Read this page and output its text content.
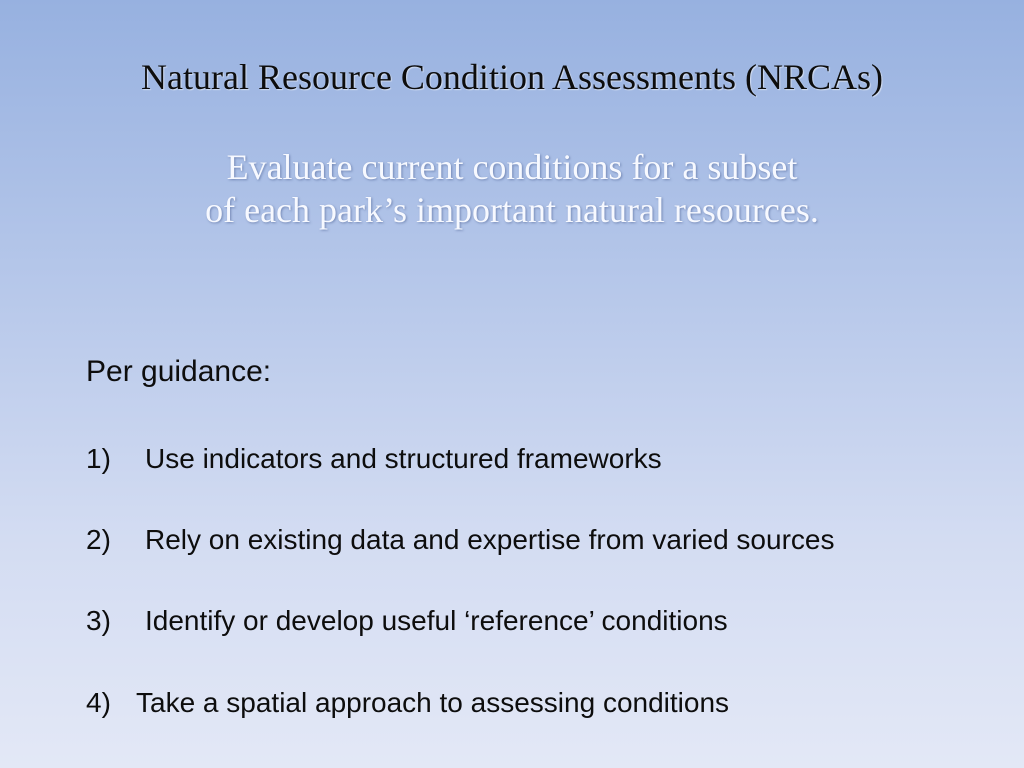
Natural Resource Condition Assessments (NRCAs)
Evaluate current conditions for a subset
of each park’s important natural resources.
Per guidance:
1) Use indicators and structured frameworks
2) Rely on existing data and expertise from varied sources
3) Identify or develop useful ‘reference’ conditions
4) Take a spatial approach to assessing conditions
